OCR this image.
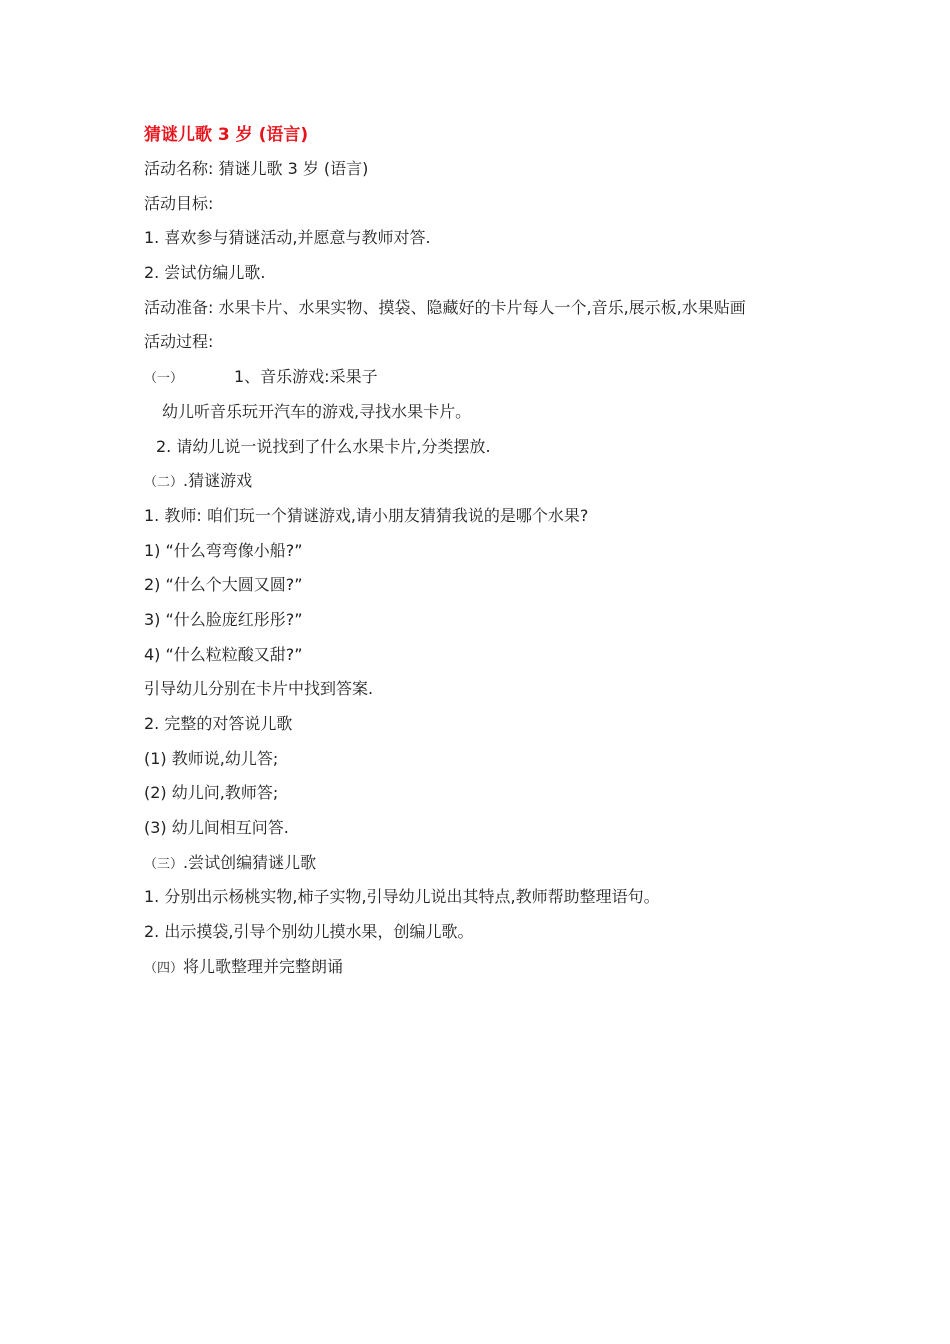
猜谜儿歌 3 岁 (语言)
活动名称: 猜谜儿歌 3 岁 (语言)
活动目标:
1. 喜欢参与猜谜活动,并愿意与教师对答.
2. 尝试仿编儿歌.
活动准备: 水果卡片、水果实物、摸袋、隐藏好的卡片每人一个,音乐,展示板,水果贴画
活动过程:
（一）	1、音乐游戏:采果子
幼儿听音乐玩开汽车的游戏,寻找水果卡片。
2. 请幼儿说一说找到了什么水果卡片,分类摆放.
（二）.猜谜游戏
1. 教师: 咱们玩一个猜谜游戏,请小朋友猜猜我说的是哪个水果?
1) “什么弯弯像小船?”
2) “什么个大圆又圆?”
3) “什么脸庞红彤彤?”
4) “什么粒粒酸又甜?”
引导幼儿分别在卡片中找到答案.
2. 完整的对答说儿歌
(1) 教师说,幼儿答;
(2) 幼儿问,教师答;
(3) 幼儿间相互问答.
（三）.尝试创编猜谜儿歌
1. 分别出示杨桃实物,柿子实物,引导幼儿说出其特点,教师帮助整理语句。
2. 出示摸袋,引导个别幼儿摸水果，创编儿歌。
（四）将儿歌整理并完整朗诵
